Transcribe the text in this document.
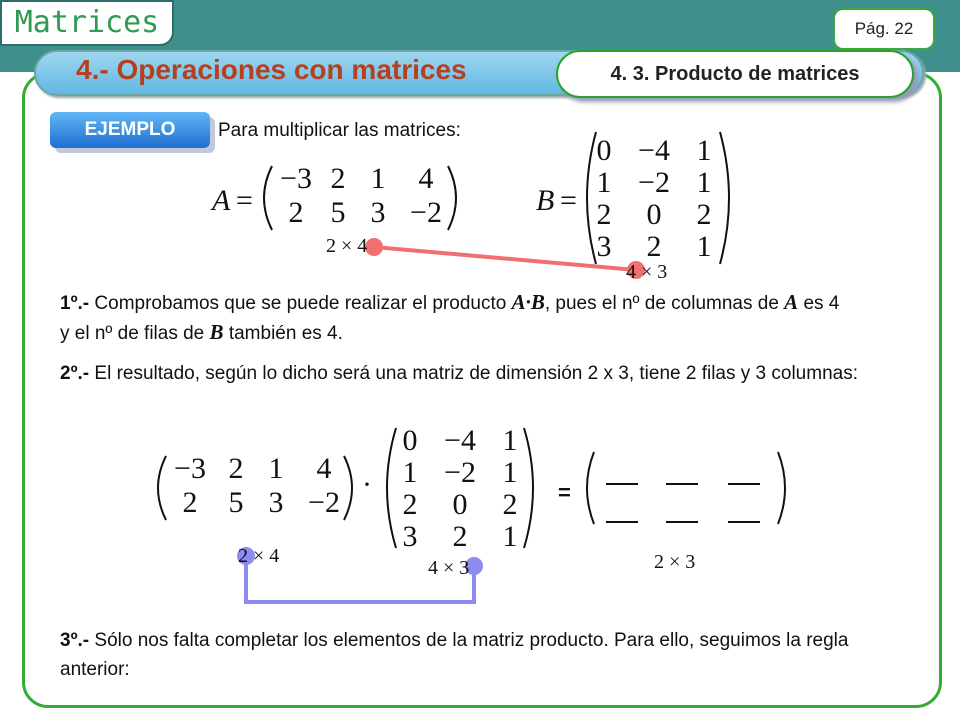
Matrices	Pág. 22
4.- Operaciones con matrices	4. 3. Producto de matrices
EJEMPLO	Para multiplicar las matrices:
1º.- Comprobamos que se puede realizar el producto A·B, pues el nº de columnas de A es 4 y el nº de filas de B también es 4.
2º.- El resultado, según lo dicho será una matriz de dimensión 2 x 3, tiene 2 filas y 3 columnas:
3º.- Sólo nos falta completar los elementos de la matriz producto. Para ello, seguimos la regla anterior:
A =
−3 2 1 4
2 5 3 −2
2 × 4
B =
0 −4 1
1 −2 1
2 0 2
3 2 1
4 × 3
−3 2 1 4
2 5 3 −2
·
2 × 4
0 −4 1
1 −2 1
2 0 2
3 2 1
4 × 3
=
2 × 3
